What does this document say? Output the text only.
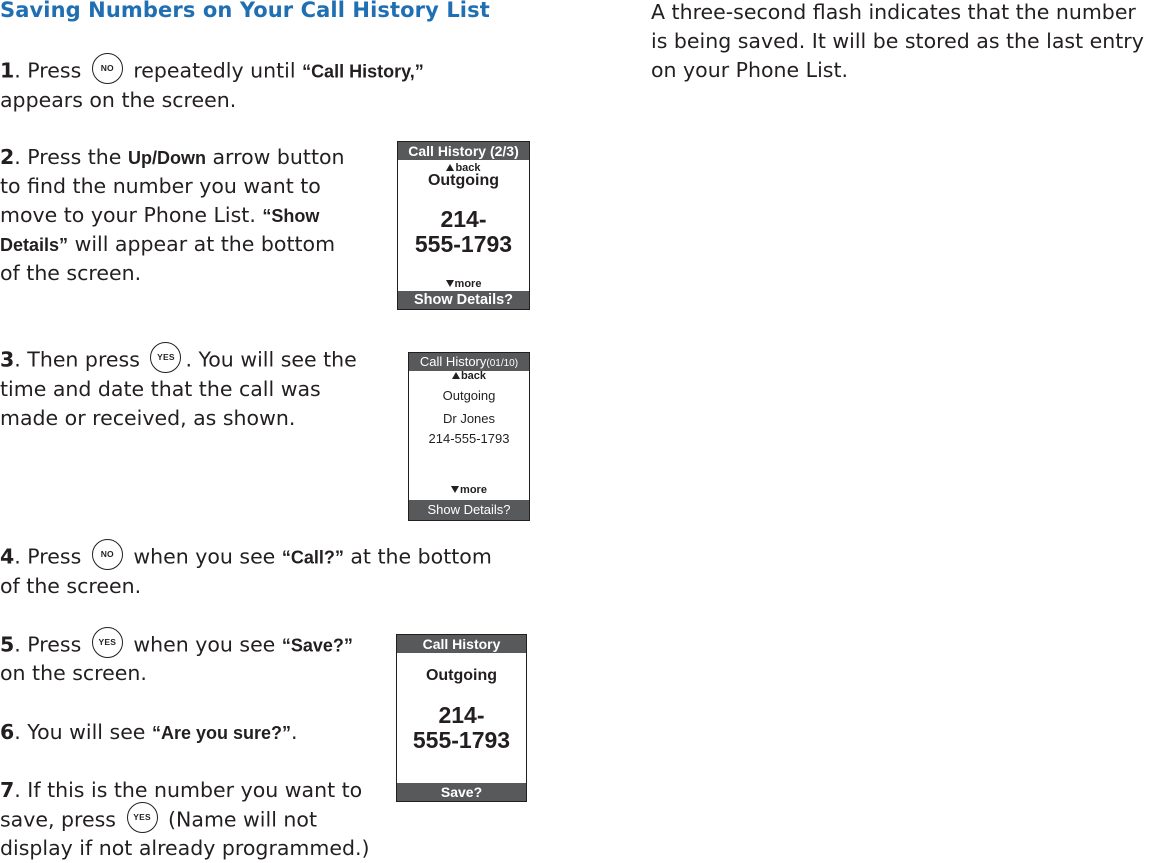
Saving Numbers on Your Call History List
1. Press NO repeatedly until “Call History,”
appears on the screen.
2. Press the Up/Down arrow button
to find the number you want to
move to your Phone List. “Show
Details” will appear at the bottom
of the screen.
3. Then press YES . You will see the
time and date that the call was
made or received, as shown.
4. Press NO when you see “Call?” at the bottom
of the screen.
5. Press YES when you see “Save?”
on the screen.
6. You will see “Are you sure?”.
7. If this is the number you want to
save, press YES (Name will not
display if not already programmed.)
A three-second flash indicates that the number
is being saved. It will be stored as the last entry
on your Phone List.
Call History (2/3)
back
Outgoing
214-
555-1793
more
Show Details?
Call History(01/10)
back
Outgoing
Dr Jones
214-555-1793
more
Show Details?
Call History
Outgoing
214-
555-1793
Save?
